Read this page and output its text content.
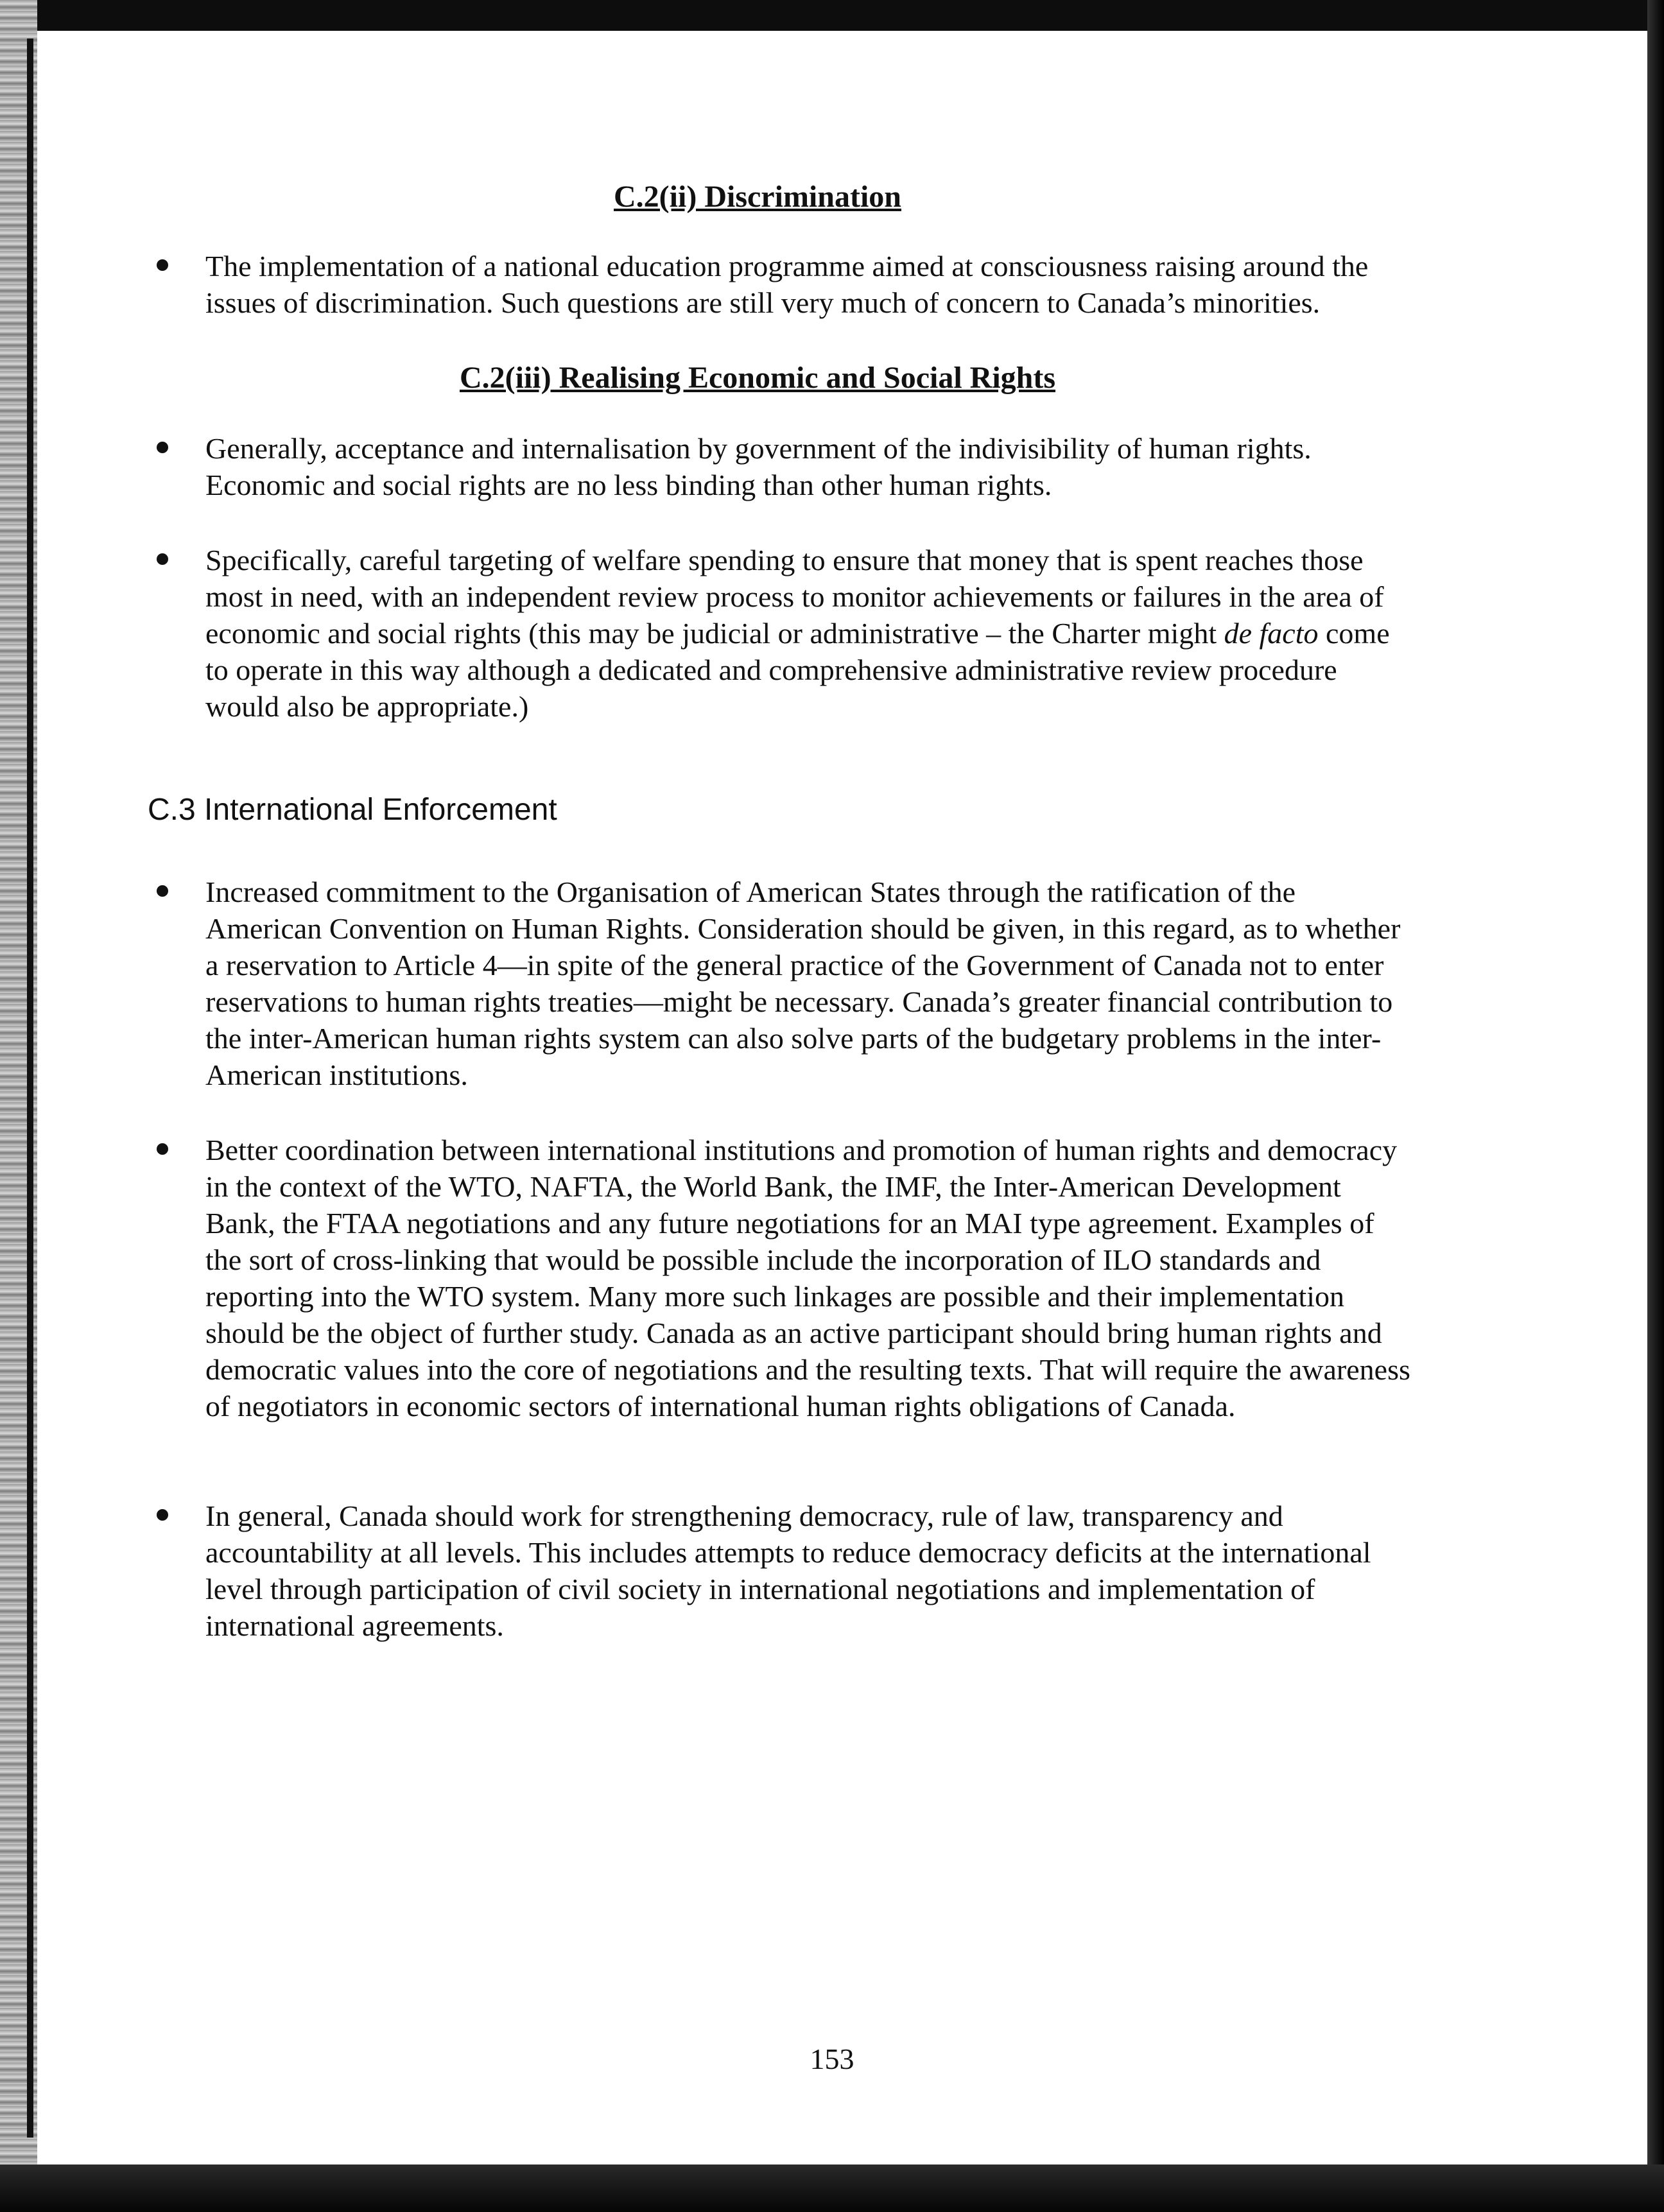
C.2(ii) Discrimination

The implementation of a national education programme aimed at consciousness raising around the issues of discrimination. Such questions are still very much of concern to Canada’s minorities.

C.2(iii) Realising Economic and Social Rights

Generally, acceptance and internalisation by government of the indivisibility of human rights. Economic and social rights are no less binding than other human rights.

Specifically, careful targeting of welfare spending to ensure that money that is spent reaches those most in need, with an independent review process to monitor achievements or failures in the area of economic and social rights (this may be judicial or administrative – the Charter might de facto come to operate in this way although a dedicated and comprehensive administrative review procedure would also be appropriate.)

C.3 International Enforcement

Increased commitment to the Organisation of American States through the ratification of the American Convention on Human Rights. Consideration should be given, in this regard, as to whether a reservation to Article 4—in spite of the general practice of the Government of Canada not to enter reservations to human rights treaties—might be necessary. Canada’s greater financial contribution to the inter-American human rights system can also solve parts of the budgetary problems in the inter-American institutions.

Better coordination between international institutions and promotion of human rights and democracy in the context of the WTO, NAFTA, the World Bank, the IMF, the Inter-American Development Bank, the FTAA negotiations and any future negotiations for an MAI type agreement. Examples of the sort of cross-linking that would be possible include the incorporation of ILO standards and reporting into the WTO system. Many more such linkages are possible and their implementation should be the object of further study. Canada as an active participant should bring human rights and democratic values into the core of negotiations and the resulting texts. That will require the awareness of negotiators in economic sectors of international human rights obligations of Canada.

In general, Canada should work for strengthening democracy, rule of law, transparency and accountability at all levels. This includes attempts to reduce democracy deficits at the international level through participation of civil society in international negotiations and implementation of international agreements.

153
